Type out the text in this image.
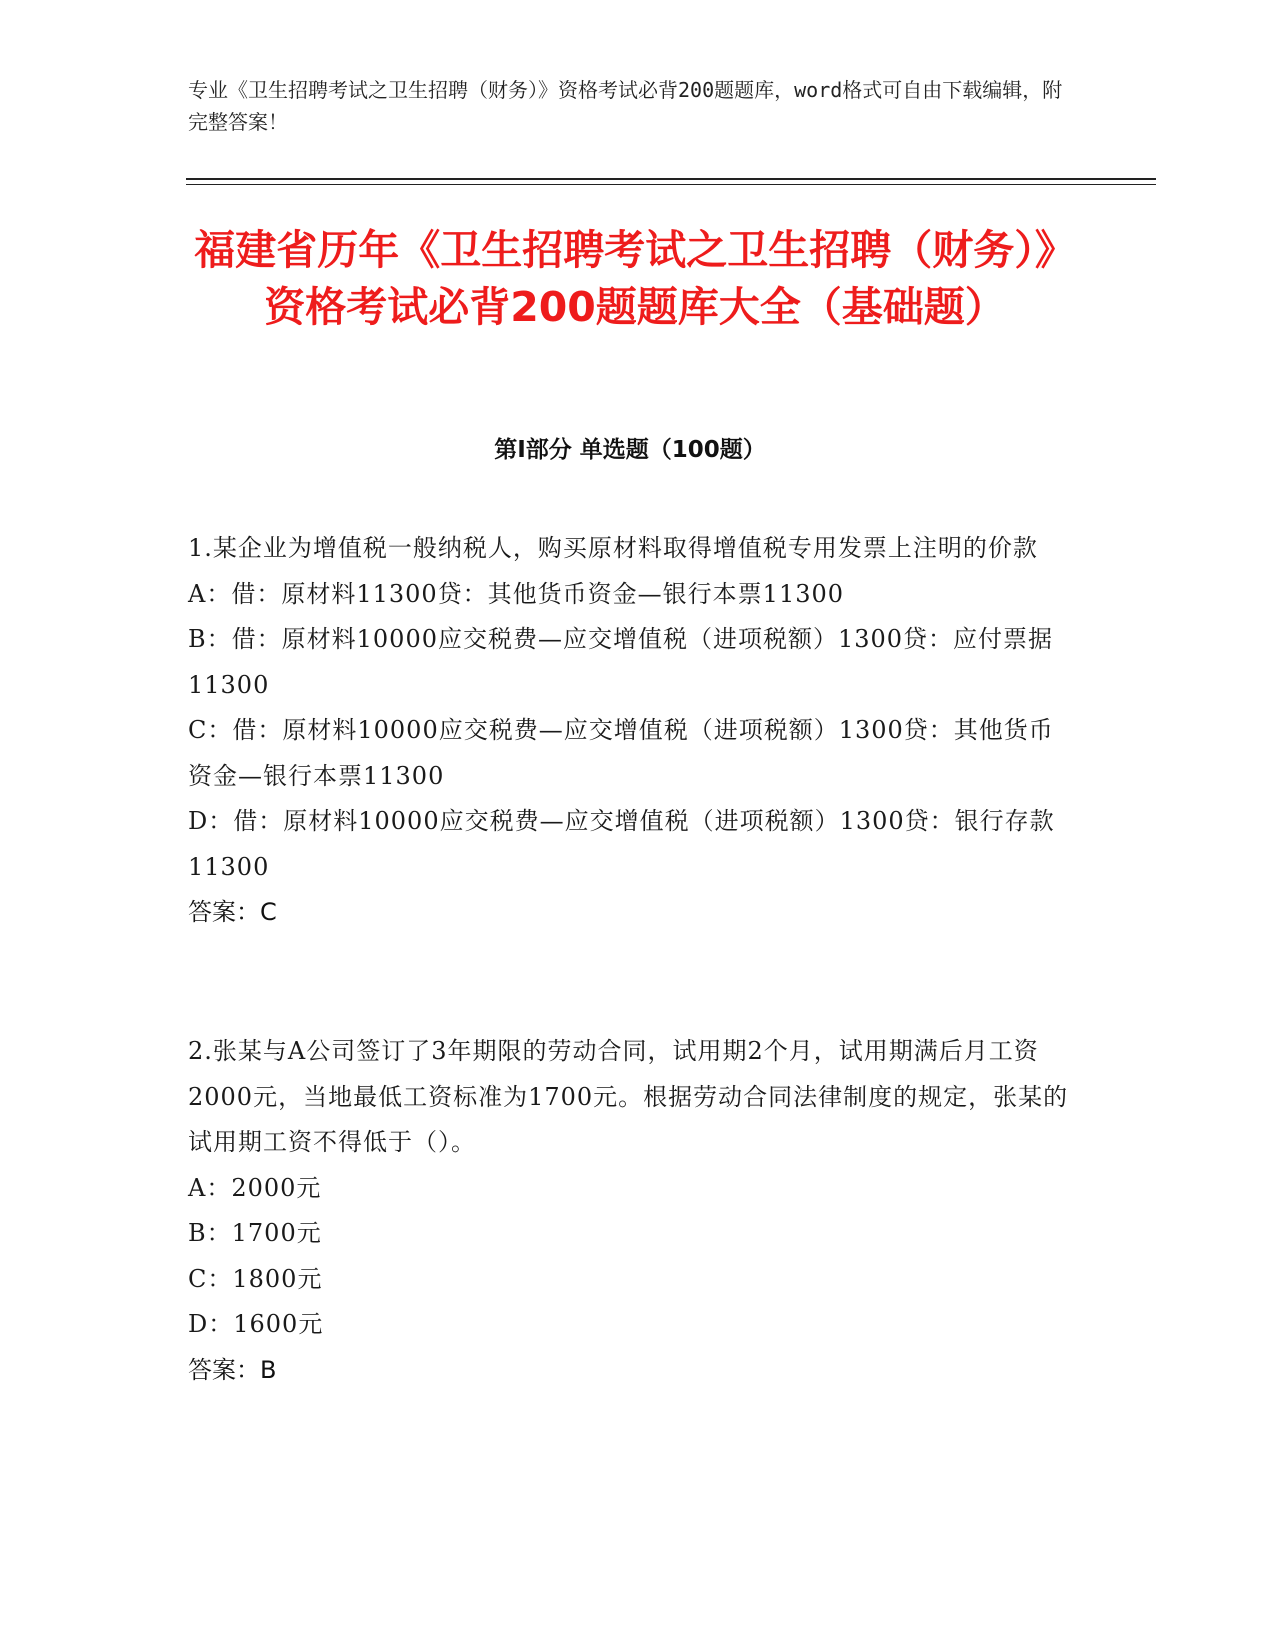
专业《卫生招聘考试之卫生招聘（财务）》资格考试必背200题题库，word格式可自由下载编辑，附完整答案！
福建省历年《卫生招聘考试之卫生招聘（财务）》资格考试必背200题题库大全（基础题）
第Ⅰ部分 单选题（100题）

1.某企业为增值税一般纳税人，购买原材料取得增值税专用发票上注明的价款

A：借：原材料11300贷：其他货币资金—银行本票11300

B：借：原材料10000应交税费—应交增值税（进项税额）1300贷：应付票据11300

C：借：原材料10000应交税费—应交增值税（进项税额）1300贷：其他货币资金—银行本票11300

D：借：原材料10000应交税费—应交增值税（进项税额）1300贷：银行存款11300

答案：C

2.张某与A公司签订了3年期限的劳动合同，试用期2个月，试用期满后月工资2000元，当地最低工资标准为1700元。根据劳动合同法律制度的规定，张某的试用期工资不得低于（）。

A：2000元

B：1700元

C：1800元

D：1600元

答案：B
